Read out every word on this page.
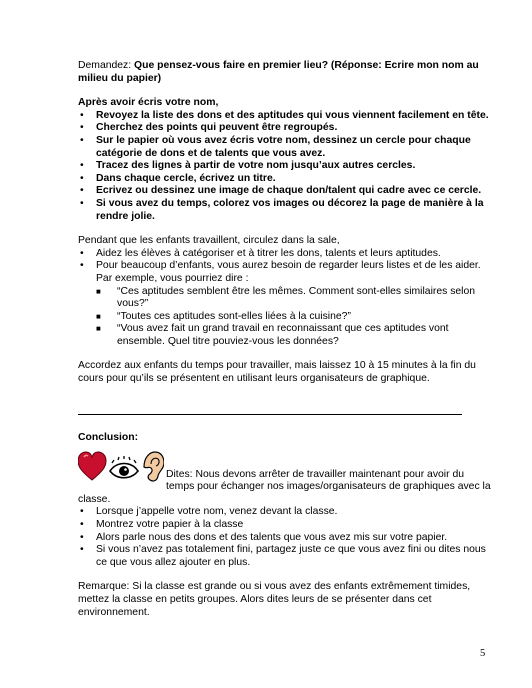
Demandez: Que pensez-vous faire en premier lieu? (Réponse: Ecrire mon nom au milieu du papier)

Après avoir écris votre nom,

• Revoyez la liste des dons et des aptitudes qui vous viennent facilement en tête.
• Cherchez des points qui peuvent être regroupés.
• Sur le papier où vous avez écris votre nom, dessinez un cercle pour chaque catégorie de dons et de talents que vous avez.
• Tracez des lignes à partir de votre nom jusqu’aux autres cercles.
• Dans chaque cercle, écrivez un titre.
• Ecrivez ou dessinez une image de chaque don/talent qui cadre avec ce cercle.
• Si vous avez du temps, colorez vos images ou décorez la page de manière à la rendre jolie.

Pendant que les enfants travaillent, circulez dans la sale,

• Aidez les élèves à catégoriser et à titrer les dons, talents et leurs aptitudes.
• Pour beaucoup d’enfants, vous aurez besoin de regarder leurs listes et de les aider. Par exemple, vous pourriez dire :
■ “Ces aptitudes semblent être les mêmes. Comment sont-elles similaires selon vous?”
■ “Toutes ces aptitudes sont-elles liées à la cuisine?”
■ “Vous avez fait un grand travail en reconnaissant que ces aptitudes vont ensemble. Quel titre pouviez-vous les données?

Accordez aux enfants du temps pour travailler, mais laissez 10 à 15 minutes à la fin du cours pour qu’ils se présentent en utilisant leurs organisateurs de graphique.

Conclusion:

Dites: Nous devons arrêter de travailler maintenant pour avoir du temps pour échanger nos images/organisateurs de graphiques avec la classe.
• Lorsque j’appelle votre nom, venez devant la classe.
• Montrez votre papier à la classe
• Alors parle nous des dons et des talents que vous avez mis sur votre papier.
• Si vous n’avez pas totalement fini, partagez juste ce que vous avez fini ou dites nous ce que vous allez ajouter en plus.

Remarque: Si la classe est grande ou si vous avez des enfants extrêmement timides, mettez la classe en petits groupes. Alors dites leurs de se présenter dans cet environnement.

5
